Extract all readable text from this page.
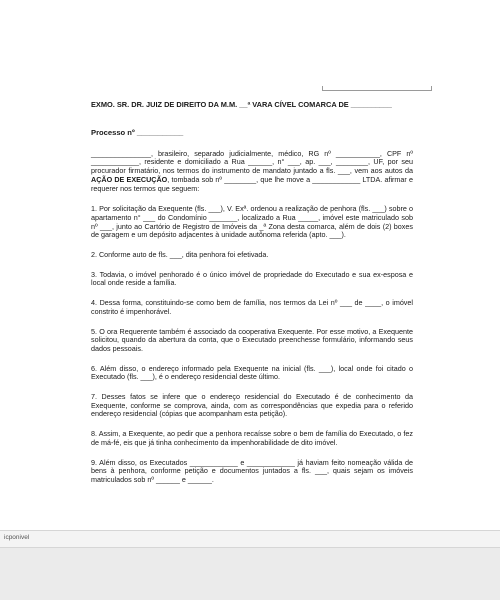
EXMO. SR. DR. JUIZ DE DIREITO DA M.M. __ª VARA CÍVEL COMARCA DE __________
Processo nº ___________

_______________, brasileiro, separado judicialmente, médico, RG nº ___________, CPF nº ____________, residente e domiciliado a Rua ______, n° ___, ap. ___, ________, UF, por seu procurador firmatário, nos termos do instrumento de mandato juntado a fls. ___, vem aos autos da AÇÃO DE EXECUÇÃO, tombada sob nº ________, que lhe move a ____________ LTDA. afirmar e requerer nos termos que seguem:

1. Por solicitação da Exequente (fls. ___), V. Exª. ordenou a realização de penhora (fls. ___) sobre o apartamento n° ___ do Condomínio _______, localizado a Rua _____, imóvel este matriculado sob nº ___, junto ao Cartório de Registro de Imóveis da _ª Zona desta comarca, além de dois (2) boxes de garagem e um depósito adjacentes à unidade autônoma referida (apto. ___).

2. Conforme auto de fls. ___, dita penhora foi efetivada.

3. Todavia, o imóvel penhorado é o único imóvel de propriedade do Executado e sua ex-esposa e local onde reside a família.

4. Dessa forma, constituindo-se como bem de família, nos termos da Lei nº ___ de ____, o imóvel constrito é impenhorável.

5. O ora Requerente também é associado da cooperativa Exequente. Por esse motivo, a Exequente solicitou, quando da abertura da conta, que o Executado preenchesse formulário, informando seus dados pessoais.

6. Além disso, o endereço informado pela Exequente na inicial (fls. ___), local onde foi citado o Executado (fls. ___), é o endereço residencial deste último.

7. Desses fatos se infere que o endereço residencial do Executado é de conhecimento da Exequente, conforme se comprova, ainda, com as correspondências que expedia para o referido endereço residencial (cópias que acompanham esta petição).

8. Assim, a Exequente, ao pedir que a penhora recaísse sobre o bem de família do Executado, o fez de má-fé, eis que já tinha conhecimento da impenhorabilidade de dito imóvel.

9. Além disso, os Executados ____________ e ____________ já haviam feito nomeação válida de bens à penhora, conforme petição e documentos juntados a fls. ___, quais sejam os imóveis matriculados sob nº ______ e ______.

icponivel
